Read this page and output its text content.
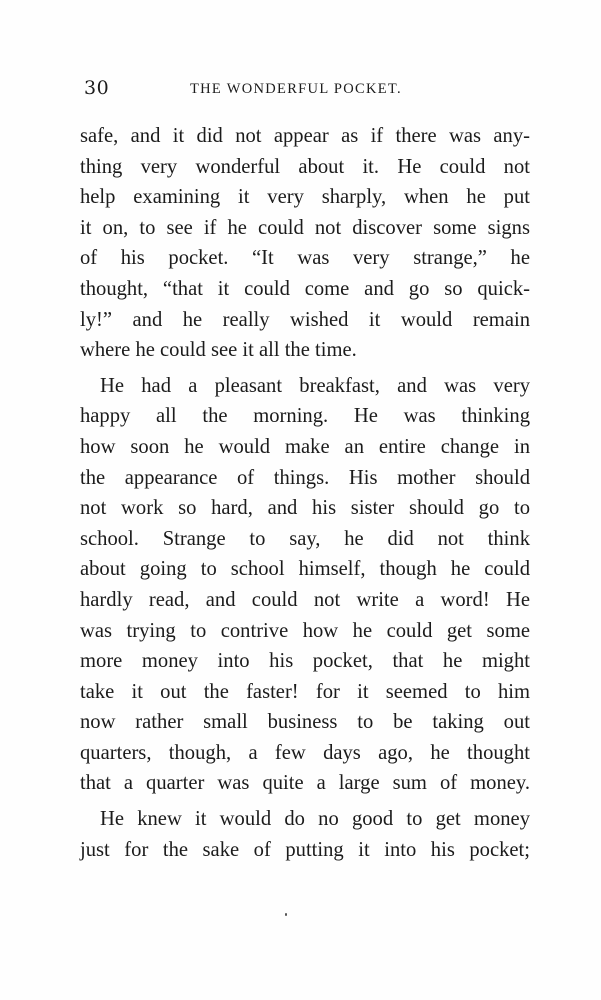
30	THE WONDERFUL POCKET.
safe, and it did not appear as if there was any-
thing very wonderful about it. He could not
help examining it very sharply, when he put
it on, to see if he could not discover some signs
of his pocket. “It was very strange,” he
thought, “that it could come and go so quick-
ly!” and he really wished it would remain
where he could see it all the time.
He had a pleasant breakfast, and was very
happy all the morning. He was thinking
how soon he would make an entire change in
the appearance of things. His mother should
not work so hard, and his sister should go to
school. Strange to say, he did not think
about going to school himself, though he could
hardly read, and could not write a word! He
was trying to contrive how he could get some
more money into his pocket, that he might
take it out the faster! for it seemed to him
now rather small business to be taking out
quarters, though, a few days ago, he thought
that a quarter was quite a large sum of money.
He knew it would do no good to get money
just for the sake of putting it into his pocket;
